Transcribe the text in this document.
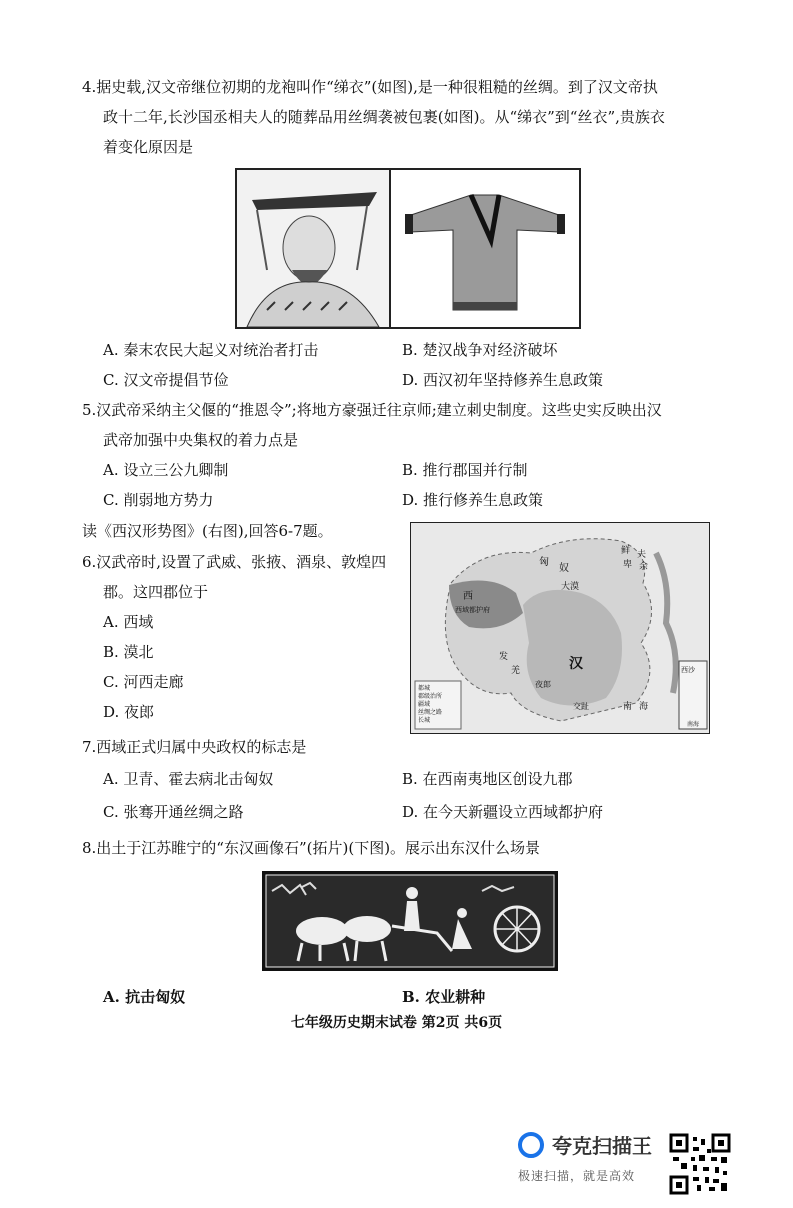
4.据史载,汉文帝继位初期的龙袍叫作“绨衣”(如图),是一种很粗糙的丝绸。到了汉文帝执
政十二年,长沙国丞相夫人的随葬品用丝绸袭被包裹(如图)。从“绨衣”到“丝衣”,贵族衣
着变化原因是
A. 秦末农民大起义对统治者打击	B. 楚汉战争对经济破坏
C. 汉文帝提倡节俭	D. 西汉初年坚持修养生息政策
5.汉武帝采纳主父偃的“推恩令”;将地方豪强迁往京师;建立刺史制度。这些史实反映出汉
武帝加强中央集权的着力点是
A. 设立三公九卿制	B. 推行郡国并行制
C. 削弱地方势力	D. 推行修养生息政策
读《西汉形势图》(右图),回答6-7题。
6.汉武帝时,设置了武威、张掖、酒泉、敦煌四
郡。这四郡位于
A. 西域
B. 漠北
C. 河西走廊
D. 夜郎
匈
奴
鲜
卑
夫
余
大漠
西域都护府
西
汉
南 海
夜郎
交趾
发
羌	西沙
南海
都城
郡级治所
疆域
丝绸之路
长城
7.西域正式归属中央政权的标志是
A. 卫青、霍去病北击匈奴	B. 在西南夷地区创设九郡
C. 张骞开通丝绸之路	D. 在今天新疆设立西域都护府
8.出土于江苏睢宁的“东汉画像石”(拓片)(下图)。展示出东汉什么场景
A. 抗击匈奴	B. 农业耕种
七年级历史期末试卷 第2页 共6页
夸克扫描王
极速扫描，就是高效
